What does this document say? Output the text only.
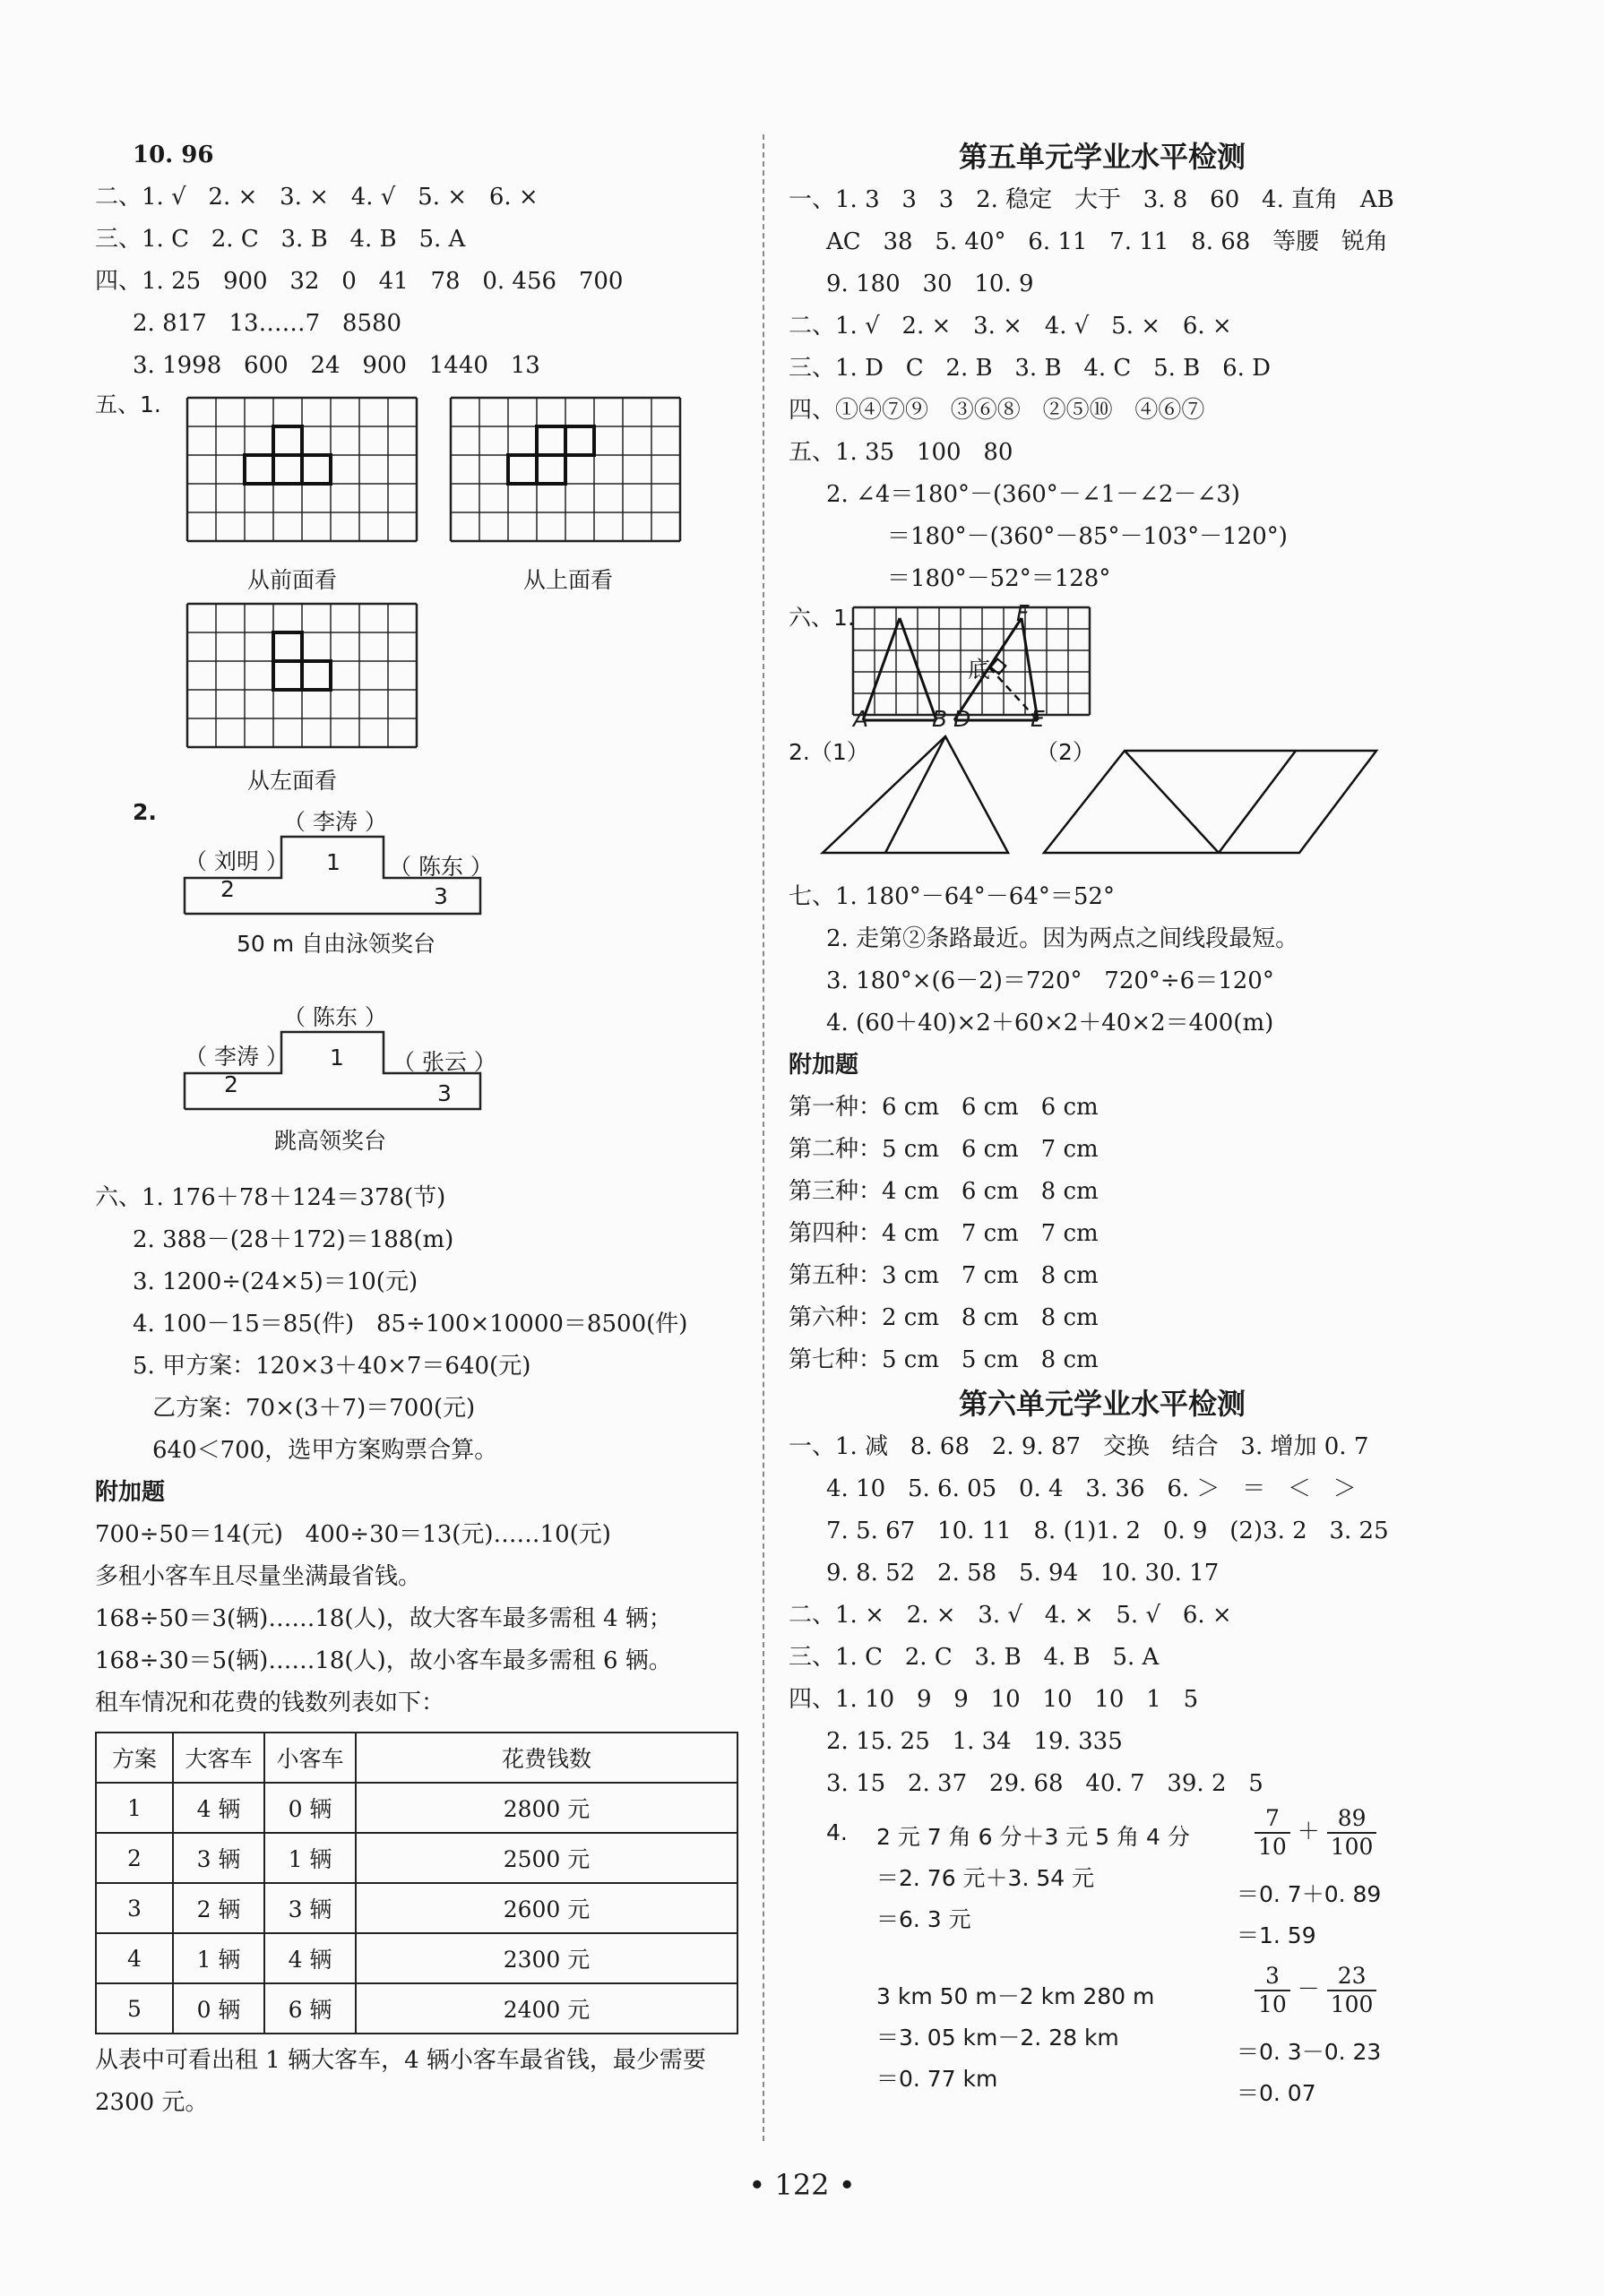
10. 96
二、1. √   2. ×   3. ×   4. √   5. ×   6. ×
三、1. C   2. C   3. B   4. B   5. A
四、1. 25   900   32   0   41   78   0. 456   700
2. 817   13……7   8580
3. 1998   600   24   900   1440   13
五、1.
从前面看	从上面看
从左面看
2.	（ 李涛 ）
（ 刘明 ）	（ 陈东 ）
1
2	3
50 m 自由泳领奖台
（ 陈东 ）
（ 李涛 ）	（ 张云 ）
1
2	3
跳高领奖台
六、1. 176＋78＋124＝378(节)
2. 388－(28＋172)＝188(m)
3. 1200÷(24×5)＝10(元)
4. 100－15＝85(件)   85÷100×10000＝8500(件)
5. 甲方案：120×3＋40×7＝640(元)
乙方案：70×(3＋7)＝700(元)
640＜700，选甲方案购票合算。
附加题
700÷50＝14(元)   400÷30＝13(元)……10(元)
多租小客车且尽量坐满最省钱。
168÷50＝3(辆)……18(人)，故大客车最多需租 4 辆；
168÷30＝5(辆)……18(人)，故小客车最多需租 6 辆。
租车情况和花费的钱数列表如下：
方案	大客车	小客车	花费钱数
1	4 辆	0 辆	2800 元
2	3 辆	1 辆	2500 元
3	2 辆	3 辆	2600 元
4	1 辆	4 辆	2300 元
5	0 辆	6 辆	2400 元
从表中可看出租 1 辆大客车，4 辆小客车最省钱，最少需要
2300 元。
第五单元学业水平检测
一、1. 3   3   3   2. 稳定   大于   3. 8   60   4. 直角   AB
AC   38   5. 40°   6. 11   7. 11   8. 68   等腰   锐角
9. 180   30   10. 9
二、1. √   2. ×   3. ×   4. √   5. ×   6. ×
三、1. D   C   2. B   3. B   4. C   5. B   6. D
四、①④⑦⑨   ③⑥⑧   ②⑤⑩   ④⑥⑦
五、1. 35   100   80
2. ∠4＝180°－(360°－∠1－∠2－∠3)
＝180°－(360°－85°－103°－120°)
＝180°－52°＝128°
六、1.
A	B D	E
F
底
2.（1）	（2）
七、1. 180°－64°－64°＝52°
2. 走第②条路最近。因为两点之间线段最短。
3. 180°×(6－2)＝720°   720°÷6＝120°
4. (60＋40)×2＋60×2＋40×2＝400(m)
附加题
第一种：6 cm   6 cm   6 cm
第二种：5 cm   6 cm   7 cm
第三种：4 cm   6 cm   8 cm
第四种：4 cm   7 cm   7 cm
第五种：3 cm   7 cm   8 cm
第六种：2 cm   8 cm   8 cm
第七种：5 cm   5 cm   8 cm
第六单元学业水平检测
一、1. 减   8. 68   2. 9. 87   交换   结合   3. 增加 0. 7
4. 10   5. 6. 05   0. 4   3. 36   6. ＞   ＝   ＜   ＞
7. 5. 67   10. 11   8. (1)1. 2   0. 9   (2)3. 2   3. 25
9. 8. 52   2. 58   5. 94   10. 30. 17
二、1. ×   2. ×   3. √   4. ×   5. √   6. ×
三、1. C   2. C   3. B   4. B   5. A
四、1. 10   9   9   10   10   10   1   5
2. 15. 25   1. 34   19. 335
3. 15   2. 37   29. 68   40. 7   39. 2   5
4. 2 元 7 角 6 分＋3 元 5 角 4 分
＝2. 76 元＋3. 54 元
＝6. 3 元
$\frac{7}{10} + \frac{89}{100}$
＝0. 7＋0. 89
＝1. 59
3 km 50 m－2 km 280 m
＝3. 05 km－2. 28 km
＝0. 77 km
$\frac{3}{10} - \frac{23}{100}$
＝0. 3－0. 23
＝0. 07
• 122 •
